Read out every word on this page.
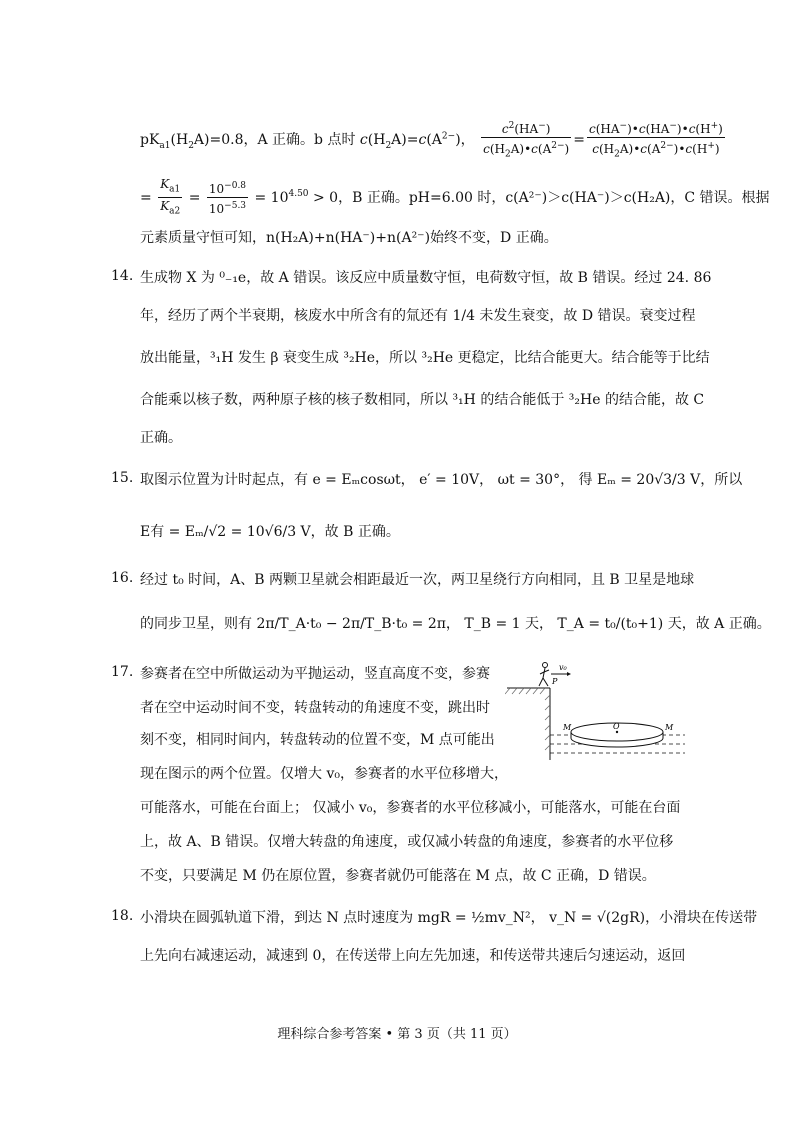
$pK_{a1}(H_2A)=0.8$，A 正确。b 点时 $c(H_2A)=c(A^{2-})$， $\frac{c^2(HA^-)}{c(H_2A)•c(A^{2-})} = \frac{c(HA^-)•c(HA^-)•c(H^+)}{c(H_2A)•c(A^{2-})•c(H^+)}$
= $\frac{K_{a1}}{K_{a2}} = \frac{10^{-0.8}}{10^{-5.3}} = 10^{4.50} > 0$，B 正确。pH=6.00 时，c(A²⁻)＞c(HA⁻)＞c(H₂A)，C 错误。根据
元素质量守恒可知，n(H₂A)+n(HA⁻)+n(A²⁻)始终不变，D 正确。
14. 生成物 X 为 ⁰₋₁e，故 A 错误。该反应中质量数守恒，电荷数守恒，故 B 错误。经过 24. 86
年，经历了两个半衰期，核废水中所含有的氚还有 1/4 未发生衰变，故 D 错误。衰变过程
放出能量，³₁H 发生 β 衰变生成 ³₂He，所以 ³₂He 更稳定，比结合能更大。结合能等于比结
合能乘以核子数，两种原子核的核子数相同，所以 ³₁H 的结合能低于 ³₂He 的结合能，故 C
正确。
15. 取图示位置为计时起点，有 e = Eₘcosωt， e′ = 10V， ωt = 30°， 得 Eₘ = 20√3/3 V，所以
E有 = Eₘ/√2 = 10√6/3 V，故 B 正确。
16. 经过 t₀ 时间，A、B 两颗卫星就会相距最近一次，两卫星绕行方向相同，且 B 卫星是地球
的同步卫星，则有 2π/T_A·t₀ − 2π/T_B·t₀ = 2π， T_B = 1 天， T_A = t₀/(t₀+1) 天，故 A 正确。
17. 参赛者在空中所做运动为平抛运动，竖直高度不变，参赛
者在空中运动时间不变，转盘转动的角速度不变，跳出时
刻不变，相同时间内，转盘转动的位置不变，M 点可能出
现在图示的两个位置。仅增大 v₀，参赛者的水平位移增大，
可能落水，可能在台面上； 仅减小 v₀，参赛者的水平位移减小，可能落水，可能在台面
上，故 A、B 错误。仅增大转盘的角速度，或仅减小转盘的角速度，参赛者的水平位移
不变，只要满足 M 仍在原位置，参赛者就仍可能落在 M 点，故 C 正确，D 错误。
v₀
P
M	O	M
18. 小滑块在圆弧轨道下滑，到达 N 点时速度为 mgR = ½mv_N²， v_N = √(2gR)，小滑块在传送带
上先向右减速运动，减速到 0，在传送带上向左先加速，和传送带共速后匀速运动，返回
理科综合参考答案 • 第 3 页（共 11 页）
